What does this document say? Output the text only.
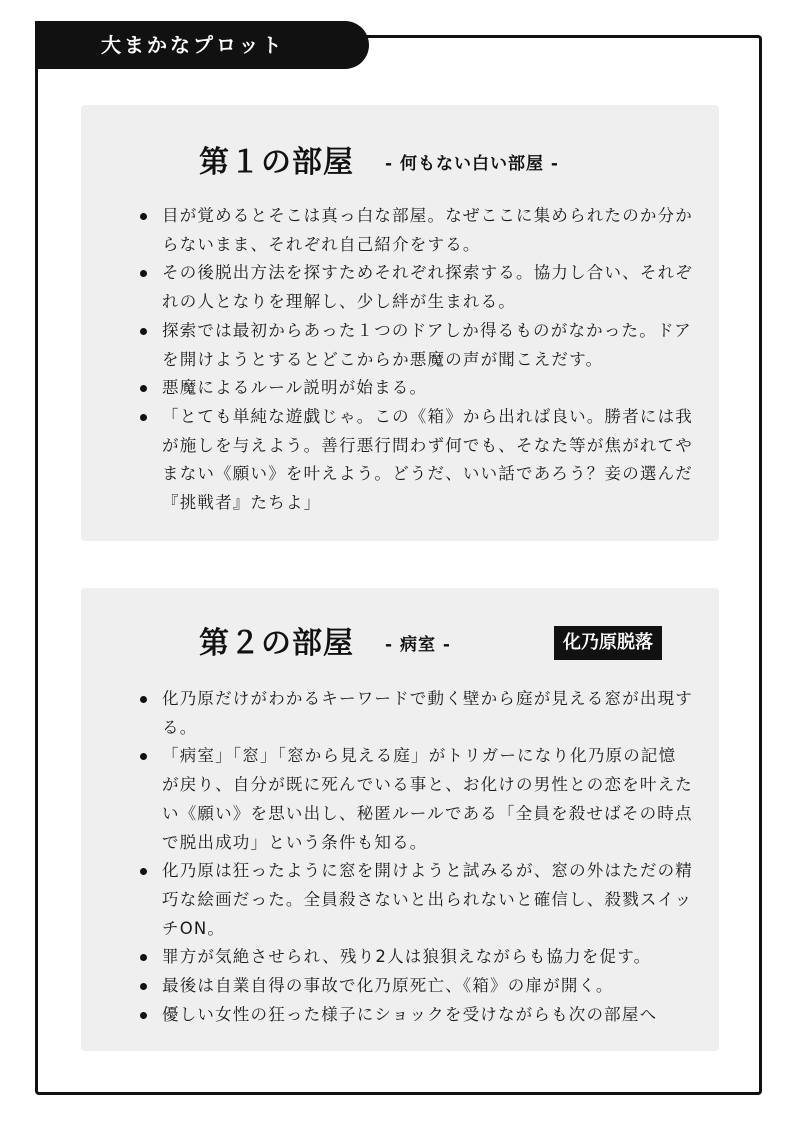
大まかなプロット
第１の部屋 - 何もない白い部屋 -
目が覚めるとそこは真っ白な部屋。なぜここに集められたのか分からないまま、それぞれ自己紹介をする。
その後脱出方法を探すためそれぞれ探索する。協力し合い、それぞれの人となりを理解し、少し絆が生まれる。
探索では最初からあった１つのドアしか得るものがなかった。ドアを開けようとするとどこからか悪魔の声が聞こえだす。
悪魔によるルール説明が始まる。
「とても単純な遊戯じゃ。この《箱》から出れば良い。勝者には我が施しを与えよう。善行悪行問わず何でも、そなた等が焦がれてやまない《願い》を叶えよう。どうだ、いい話であろう？妾の選んだ『挑戦者』たちよ」
第２の部屋 - 病室 -	化乃原脱落
化乃原だけがわかるキーワードで動く壁から庭が見える窓が出現する。
「病室」「窓」「窓から見える庭」がトリガーになり化乃原の記憶が戻り、自分が既に死んでいる事と、お化けの男性との恋を叶えたい《願い》を思い出し、秘匿ルールである「全員を殺せばその時点で脱出成功」という条件も知る。
化乃原は狂ったように窓を開けようと試みるが、窓の外はただの精巧な絵画だった。全員殺さないと出られないと確信し、殺戮スイッチON。
罪方が気絶させられ、残り2人は狼狽えながらも協力を促す。
最後は自業自得の事故で化乃原死亡、《箱》の扉が開く。
優しい女性の狂った様子にショックを受けながらも次の部屋へ
